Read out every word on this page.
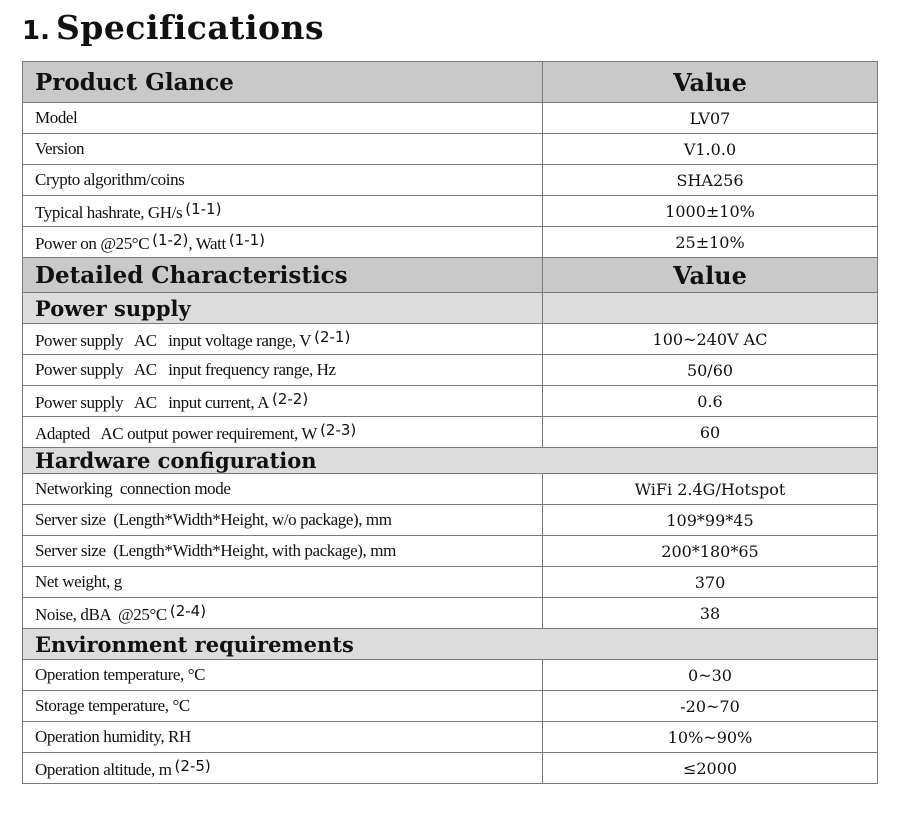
1. Specifications
Product Glance	Value
Model	LV07
Version	V1.0.0
Crypto algorithm/coins	SHA256
Typical hashrate, GH/s $^{(1-1)}$	1000±10%
Power on @25°C $^{(1-2)}$, Watt $^{(1-1)}$	25±10%
Detailed Characteristics	Value
Power supply	
Power supply   AC   input voltage range, V $^{(2-1)}$	100~240V AC
Power supply   AC   input frequency range, Hz	50/60
Power supply   AC   input current, A $^{(2-2)}$	0.6
Adapted   AC output power requirement, W $^{(2-3)}$	60
Hardware configuration	
Networking  connection mode	WiFi 2.4G/Hotspot
Server size  (Length*Width*Height, w/o package), mm	109*99*45
Server size  (Length*Width*Height, with package), mm	200*180*65
Net weight, g	370
Noise, dBA  @25°C $^{(2-4)}$	38
Environment requirements	
Operation temperature, °C	0~30
Storage temperature, °C	-20~70
Operation humidity, RH	10%~90%
Operation altitude, m $^{(2-5)}$	≤2000
